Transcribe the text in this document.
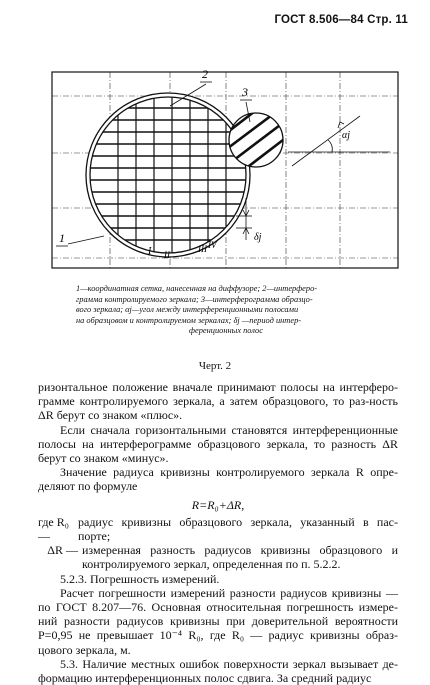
ГОСТ 8.506—84 Стр. 11
αj
δj
2
3
1
I II
III IV
1—координатная сетка, нанесенная на диффузоре; 2—интерферо-
грамма контролируемого зеркала; 3—интерферограмма образцо-
вого зеркала; αj—угол между интерференционными полосами
на образцовом и контролируемом зеркалах; δj —период интер-

ференционных полос
Черт. 2

ризонтальное положение вначале принимают полосы на интерферо-грамме контролируемого зеркала, а затем образцового, то раз-ность ΔR берут со знаком «плюс».

Если сначала горизонтальными становятся интерференционные полосы на интерферограмме образцового зеркала, то разность ΔR берут со знаком «минус».

Значение радиуса кривизны контролируемого зеркала R опре-деляют по формуле

R=R₀+ΔR,

где R₀ —
радиус кривизны образцового зеркала, указанный в пас-порте;
ΔR — измеренная разность радиусов кривизны образцового и контролируемого зеркал, определенная по п. 5.2.2.

5.2.3. Погрешность измерений.

Расчет погрешности измерений разности радиусов кривизны — по ГОСТ 8.207—76. Основная относительная погрешность измере-ний разности радиусов кривизны при доверительной вероятности P=0,95 не превышает 10⁻⁴ R₀, где R₀ — радиус кривизны образ-цового зеркала, м.

5.3. Наличие местных ошибок поверхности зеркал вызывает де-формацию интерференционных полос сдвига. За средний радиус
